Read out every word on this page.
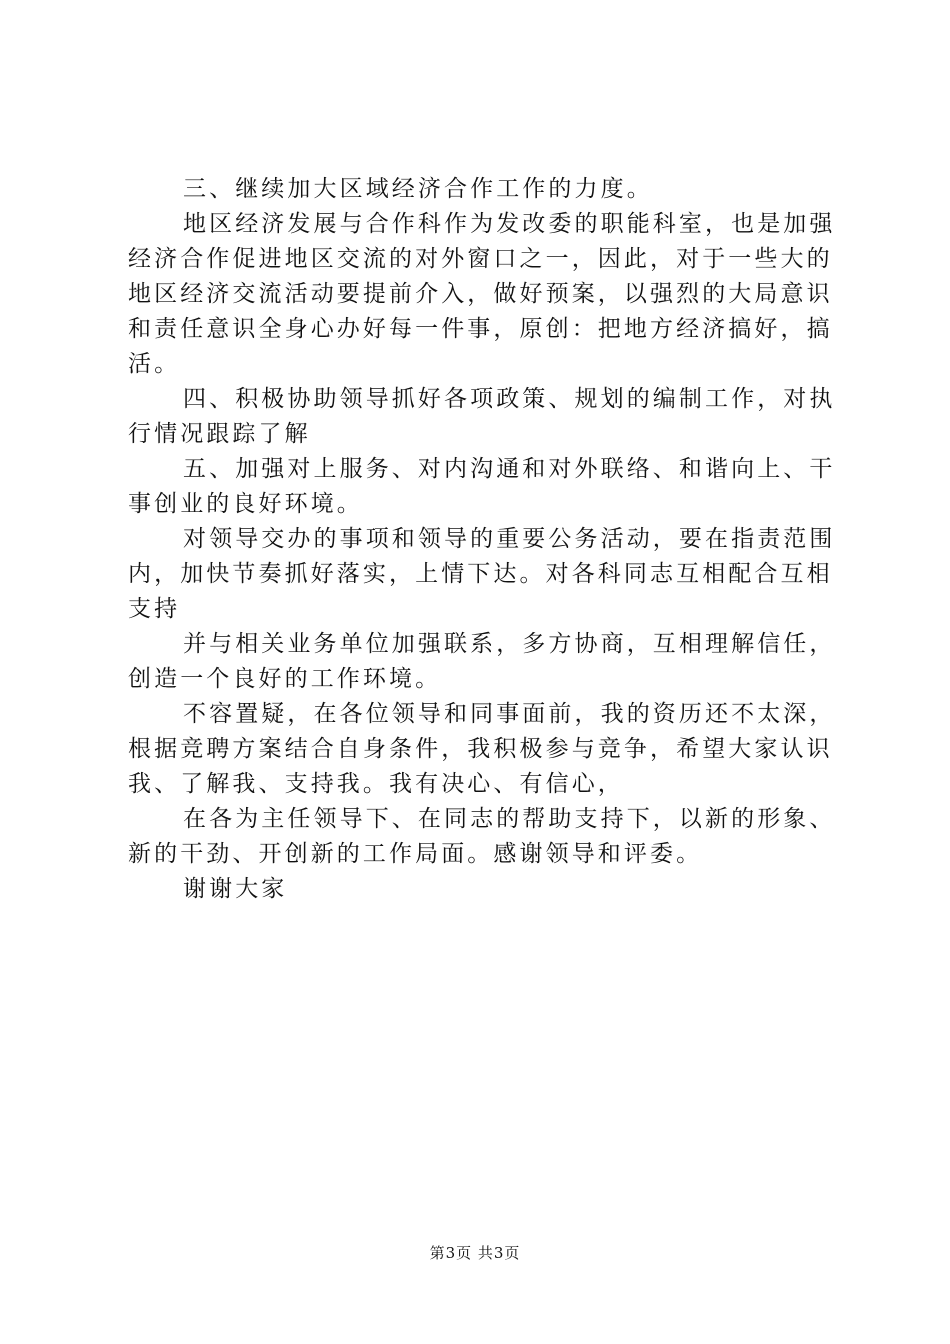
三、继续加大区域经济合作工作的力度。

地区经济发展与合作科作为发改委的职能科室，也是加强经济合作促进地区交流的对外窗口之一，因此，对于一些大的地区经济交流活动要提前介入，做好预案，以强烈的大局意识和责任意识全身心办好每一件事，原创：把地方经济搞好，搞活。

四、积极协助领导抓好各项政策、规划的编制工作，对执行情况跟踪了解

五、加强对上服务、对内沟通和对外联络、和谐向上、干事创业的良好环境。

对领导交办的事项和领导的重要公务活动，要在指责范围内，加快节奏抓好落实，上情下达。对各科同志互相配合互相支持

并与相关业务单位加强联系，多方协商，互相理解信任，创造一个良好的工作环境。

不容置疑，在各位领导和同事面前，我的资历还不太深，根据竞聘方案结合自身条件，我积极参与竞争，希望大家认识我、了解我、支持我。我有决心、有信心，

在各为主任领导下、在同志的帮助支持下，以新的形象、新的干劲、开创新的工作局面。感谢领导和评委。

谢谢大家

第3页 共3页
